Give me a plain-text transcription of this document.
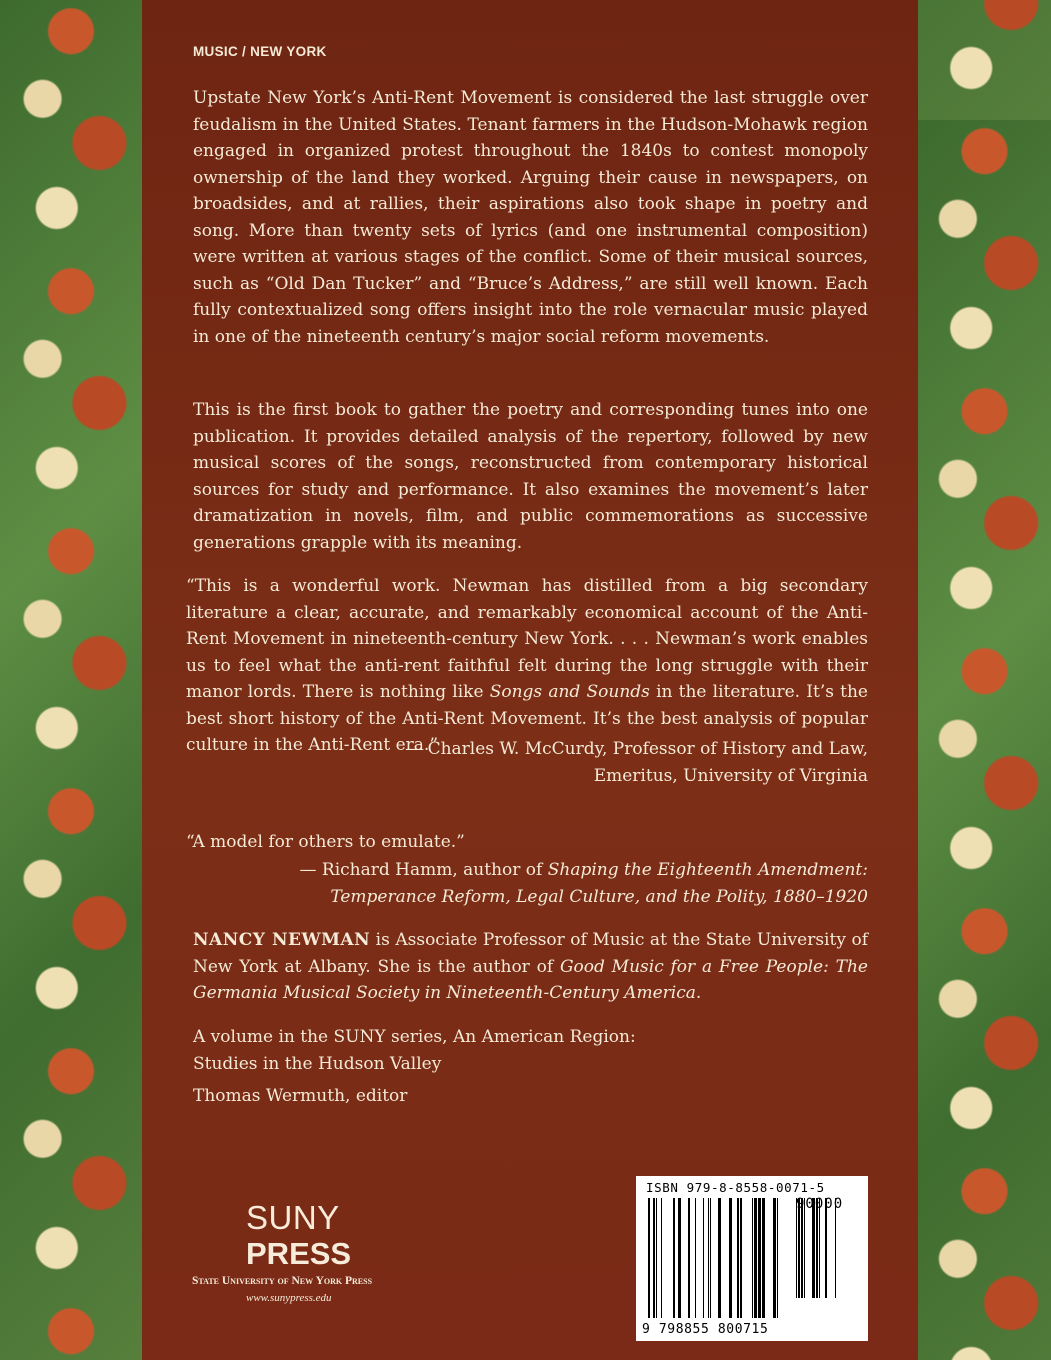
MUSIC / NEW YORK
Upstate New York’s Anti-Rent Movement is considered the last struggle over feudalism in the United States. Tenant farmers in the Hudson-Mohawk region engaged in organized protest throughout the 1840s to contest monopoly ownership of the land they worked. Arguing their cause in newspapers, on broadsides, and at rallies, their aspirations also took shape in poetry and song. More than twenty sets of lyrics (and one instrumental composition) were written at various stages of the conflict. Some of their musical sources, such as “Old Dan Tucker” and “Bruce’s Address,” are still well known. Each fully contextualized song offers insight into the role vernacular music played in one of the nineteenth century’s major social reform movements.
This is the first book to gather the poetry and corresponding tunes into one publication. It provides detailed analysis of the repertory, followed by new musical scores of the songs, reconstructed from contemporary historical sources for study and performance. It also examines the movement’s later dramatization in novels, film, and public commemorations as successive generations grapple with its meaning.
“This is a wonderful work. Newman has distilled from a big secondary literature a clear, accurate, and remarkably economical account of the Anti-Rent Movement in nineteenth-century New York. . . . Newman’s work enables us to feel what the anti-rent faithful felt during the long struggle with their manor lords. There is nothing like Songs and Sounds in the literature. It’s the best short history of the Anti-Rent Movement. It’s the best analysis of popular culture in the Anti-Rent era.”
— Charles W. McCurdy, Professor of History and Law,
Emeritus, University of Virginia
“A model for others to emulate.”
— Richard Hamm, author of Shaping the Eighteenth Amendment:
Temperance Reform, Legal Culture, and the Polity, 1880–1920
NANCY NEWMAN is Associate Professor of Music at the State University of New York at Albany. She is the author of Good Music for a Free People: The Germania Musical Society in Nineteenth-Century America.
A volume in the SUNY series, An American Region:
Studies in the Hudson Valley
Thomas Wermuth, editor
ISBN 979-8-8558-0071-5
90000
9 798855 800715
SUNY
PRESS
State University of New York Press
www.sunypress.edu
